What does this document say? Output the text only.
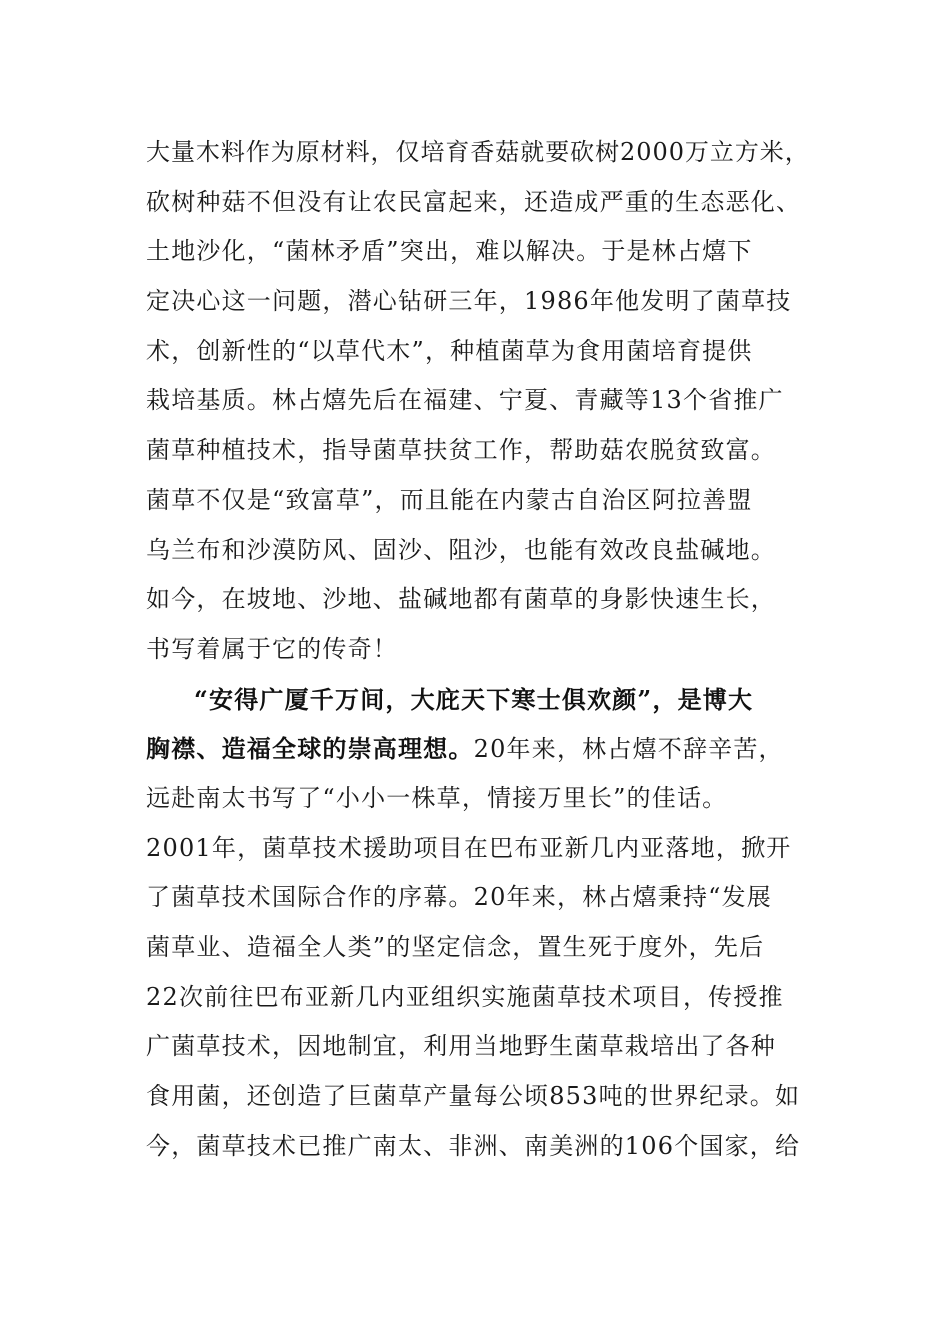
大量木料作为原材料，仅培育香菇就要砍树2000万立方米，
砍树种菇不但没有让农民富起来，还造成严重的生态恶化、
土地沙化，“菌林矛盾”突出，难以解决。于是林占熺下
定决心这一问题，潜心钻研三年，1986年他发明了菌草技
术，创新性的“以草代木”，种植菌草为食用菌培育提供
栽培基质。林占熺先后在福建、宁夏、青藏等13个省推广
菌草种植技术，指导菌草扶贫工作，帮助菇农脱贫致富。
菌草不仅是“致富草”，而且能在内蒙古自治区阿拉善盟
乌兰布和沙漠防风、固沙、阻沙，也能有效改良盐碱地。
如今，在坡地、沙地、盐碱地都有菌草的身影快速生长，
书写着属于它的传奇！
“安得广厦千万间，大庇天下寒士俱欢颜”，是博大
胸襟、造福全球的崇高理想。20年来，林占熺不辞辛苦，
远赴南太书写了“小小一株草，情接万里长”的佳话。
2001年，菌草技术援助项目在巴布亚新几内亚落地，掀开
了菌草技术国际合作的序幕。20年来，林占熺秉持“发展
菌草业、造福全人类”的坚定信念，置生死于度外，先后
22次前往巴布亚新几内亚组织实施菌草技术项目，传授推
广菌草技术，因地制宜，利用当地野生菌草栽培出了各种
食用菌，还创造了巨菌草产量每公顷853吨的世界纪录。如
今，菌草技术已推广南太、非洲、南美洲的106个国家，给
